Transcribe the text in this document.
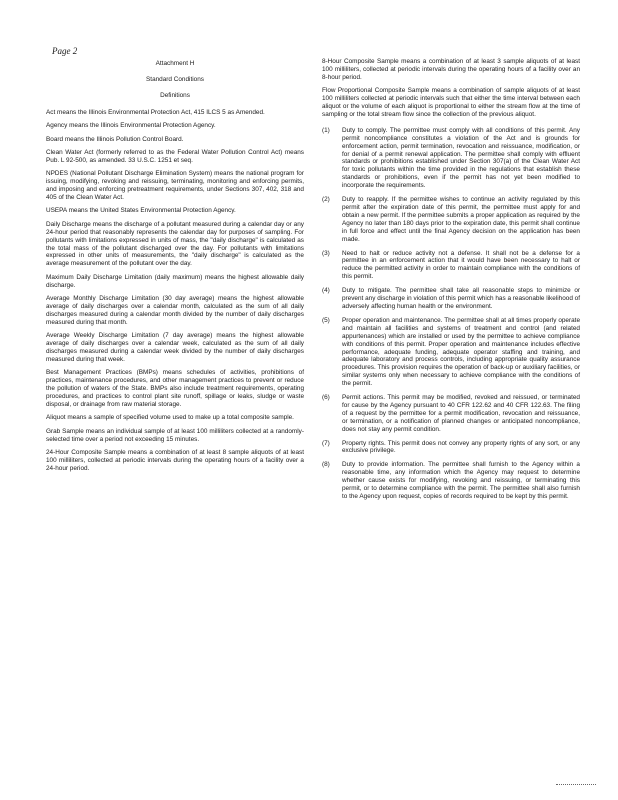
Page 2

Attachment H

Standard Conditions

Definitions

Act means the Illinois Environmental Protection Act, 415 ILCS 5 as Amended.

Agency means the Illinois Environmental Protection Agency.

Board means the Illinois Pollution Control Board.

Clean Water Act (formerly referred to as the Federal Water Pollution Control Act) means Pub. L 92-500, as amended. 33 U.S.C. 1251 et seq.

NPDES (National Pollutant Discharge Elimination System) means the national program for issuing, modifying, revoking and reissuing, terminating, monitoring and enforcing permits, and imposing and enforcing pretreatment requirements, under Sections 307, 402, 318 and 405 of the Clean Water Act.

USEPA means the United States Environmental Protection Agency.

Daily Discharge means the discharge of a pollutant measured during a calendar day or any 24-hour period that reasonably represents the calendar day for purposes of sampling. For pollutants with limitations expressed in units of mass, the "daily discharge" is calculated as the total mass of the pollutant discharged over the day. For pollutants with limitations expressed in other units of measurements, the "daily discharge" is calculated as the average measurement of the pollutant over the day.

Maximum Daily Discharge Limitation (daily maximum) means the highest allowable daily discharge.

Average Monthly Discharge Limitation (30 day average) means the highest allowable average of daily discharges over a calendar month, calculated as the sum of all daily discharges measured during a calendar month divided by the number of daily discharges measured during that month.

Average Weekly Discharge Limitation (7 day average) means the highest allowable average of daily discharges over a calendar week, calculated as the sum of all daily discharges measured during a calendar week divided by the number of daily discharges measured during that week.

Best Management Practices (BMPs) means schedules of activities, prohibitions of practices, maintenance procedures, and other management practices to prevent or reduce the pollution of waters of the State. BMPs also include treatment requirements, operating procedures, and practices to control plant site runoff, spillage or leaks, sludge or waste disposal, or drainage from raw material storage.

Aliquot means a sample of specified volume used to make up a total composite sample.

Grab Sample means an individual sample of at least 100 milliliters collected at a randomly-selected time over a period not exceeding 15 minutes.

24-Hour Composite Sample means a combination of at least 8 sample aliquots of at least 100 milliliters, collected at periodic intervals during the operating hours of a facility over a 24-hour period.

8-Hour Composite Sample means a combination of at least 3 sample aliquots of at least 100 milliliters, collected at periodic intervals during the operating hours of a facility over an 8-hour period.

Flow Proportional Composite Sample means a combination of sample aliquots of at least 100 milliliters collected at periodic intervals such that either the time interval between each aliquot or the volume of each aliquot is proportional to either the stream flow at the time of sampling or the total stream flow since the collection of the previous aliquot.

(1)	Duty to comply. The permittee must comply with all conditions of this permit. Any permit noncompliance constitutes a violation of the Act and is grounds for enforcement action, permit termination, revocation and reissuance, modification, or for denial of a permit renewal application. The permittee shall comply with effluent standards or prohibitions established under Section 307(a) of the Clean Water Act for toxic pollutants within the time provided in the regulations that establish these standards or prohibitions, even if the permit has not yet been modified to incorporate the requirements.
(2)	Duty to reapply. If the permittee wishes to continue an activity regulated by this permit after the expiration date of this permit, the permittee must apply for and obtain a new permit. If the permittee submits a proper application as required by the Agency no later than 180 days prior to the expiration date, this permit shall continue in full force and effect until the final Agency decision on the application has been made.
(3)	Need to halt or reduce activity not a defense. It shall not be a defense for a permittee in an enforcement action that it would have been necessary to halt or reduce the permitted activity in order to maintain compliance with the conditions of this permit.
(4)	Duty to mitigate. The permittee shall take all reasonable steps to minimize or prevent any discharge in violation of this permit which has a reasonable likelihood of adversely affecting human health or the environment.
(5)	Proper operation and maintenance. The permittee shall at all times properly operate and maintain all facilities and systems of treatment and control (and related appurtenances) which are installed or used by the permittee to achieve compliance with conditions of this permit. Proper operation and maintenance includes effective performance, adequate funding, adequate operator staffing and training, and adequate laboratory and process controls, including appropriate quality assurance procedures. This provision requires the operation of back-up or auxiliary facilities, or similar systems only when necessary to achieve compliance with the conditions of the permit.
(6)	Permit actions. This permit may be modified, revoked and reissued, or terminated for cause by the Agency pursuant to 40 CFR 122.62 and 40 CFR 122.63. The filing of a request by the permittee for a permit modification, revocation and reissuance, or termination, or a notification of planned changes or anticipated noncompliance, does not stay any permit condition.
(7)	Property rights. This permit does not convey any property rights of any sort, or any exclusive privilege.
(8)	Duty to provide information. The permittee shall furnish to the Agency within a reasonable time, any information which the Agency may request to determine whether cause exists for modifying, revoking and reissuing, or terminating this permit, or to determine compliance with the permit. The permittee shall also furnish to the Agency upon request, copies of records required to be kept by this permit.
